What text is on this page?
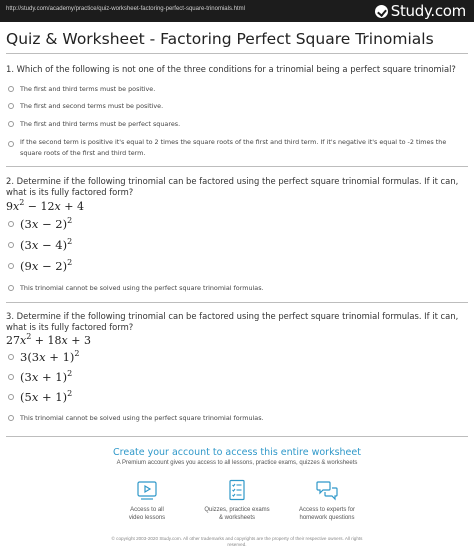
http://study.com/academy/practice/quiz-worksheet-factoring-perfect-square-trinomials.html	Study.com
Quiz & Worksheet - Factoring Perfect Square Trinomials
1. Which of the following is not one of the three conditions for a trinomial being a perfect square trinomial?
The first and third terms must be positive.
The first and second terms must be positive.
The first and third terms must be perfect squares.
If the second term is positive it's equal to 2 times the square roots of the first and third term. If it's negative it's equal to -2 times the square roots of the first and third term.
2. Determine if the following trinomial can be factored using the perfect square trinomial formulas. If it can, what is its fully factored form?
$9x^2 - 12x + 4$
$(3x - 2)^2$
$(3x - 4)^2$
$(9x - 2)^2$
This trinomial cannot be solved using the perfect square trinomial formulas.
3. Determine if the following trinomial can be factored using the perfect square trinomial formulas. If it can, what is its fully factored form?
$27x^2 + 18x + 3$
$3(3x + 1)^2$
$(3x + 1)^2$
$(5x + 1)^2$
This trinomial cannot be solved using the perfect square trinomial formulas.
Create your account to access this entire worksheet
A Premium account gives you access to all lessons, practice exams, quizzes & worksheets
Access to all
video lessons
Quizzes, practice exams
& worksheets
Access to experts for
homework questions
© copyright 2003-2020 Study.com. All other trademarks and copyrights are the property of their respective owners. All rights
reserved.
